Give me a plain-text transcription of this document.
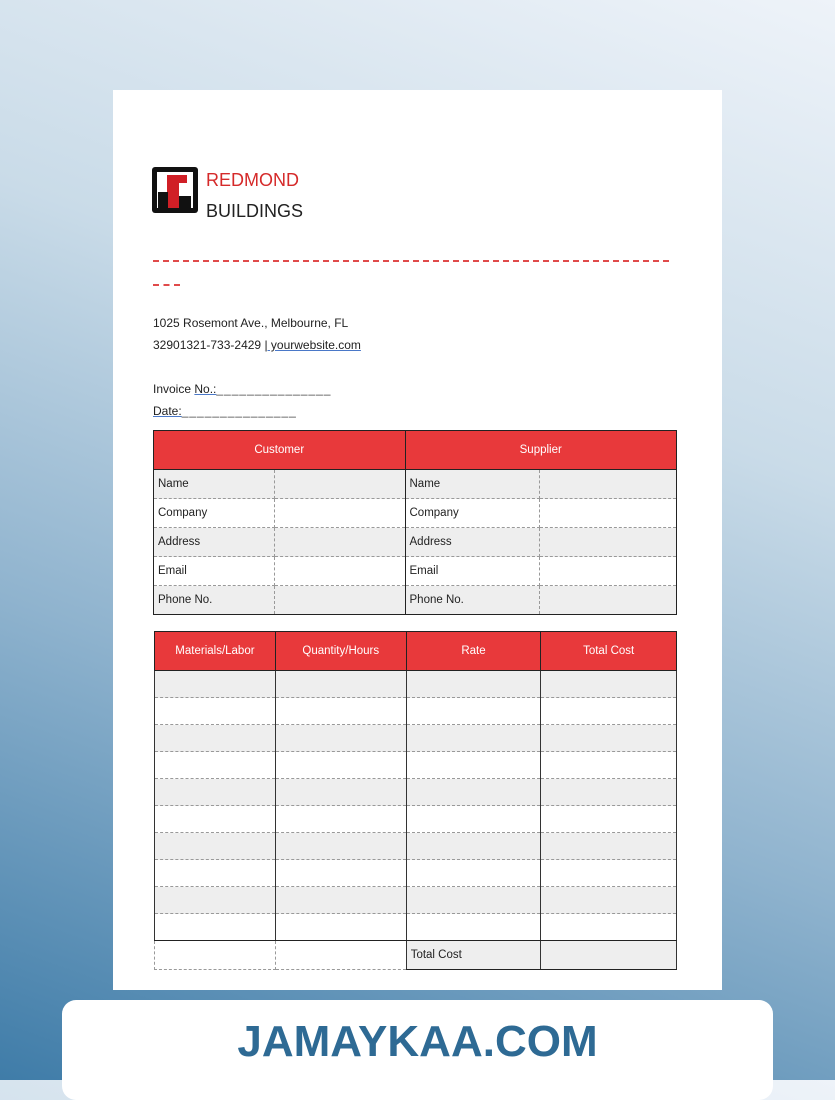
REDMOND
BUILDINGS
1025 Rosemont Ave., Melbourne, FL
32901321-733-2429 | yourwebsite.com
Invoice No.:_______________
Date:_______________
Customer		Supplier	
Name		Name	
Company		Company	
Address		Address	
Email		Email	
Phone No.		Phone No.	
Materials/Labor	Quantity/Hours	Rate	Total Cost

		Total Cost	
JAMAYKAA.COM
